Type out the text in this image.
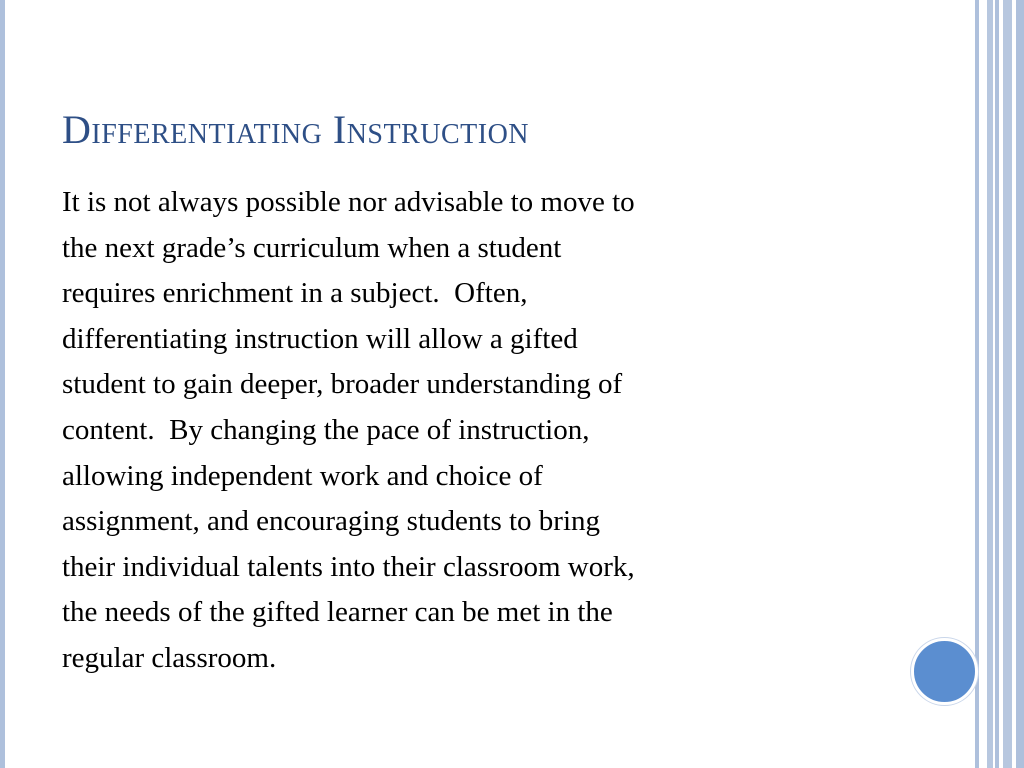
Differentiating Instruction
It is not always possible nor advisable to move to
the next grade’s curriculum when a student
requires enrichment in a subject.  Often,
differentiating instruction will allow a gifted
student to gain deeper, broader understanding of
content.  By changing the pace of instruction,
allowing independent work and choice of
assignment, and encouraging students to bring
their individual talents into their classroom work,
the needs of the gifted learner can be met in the
regular classroom.
